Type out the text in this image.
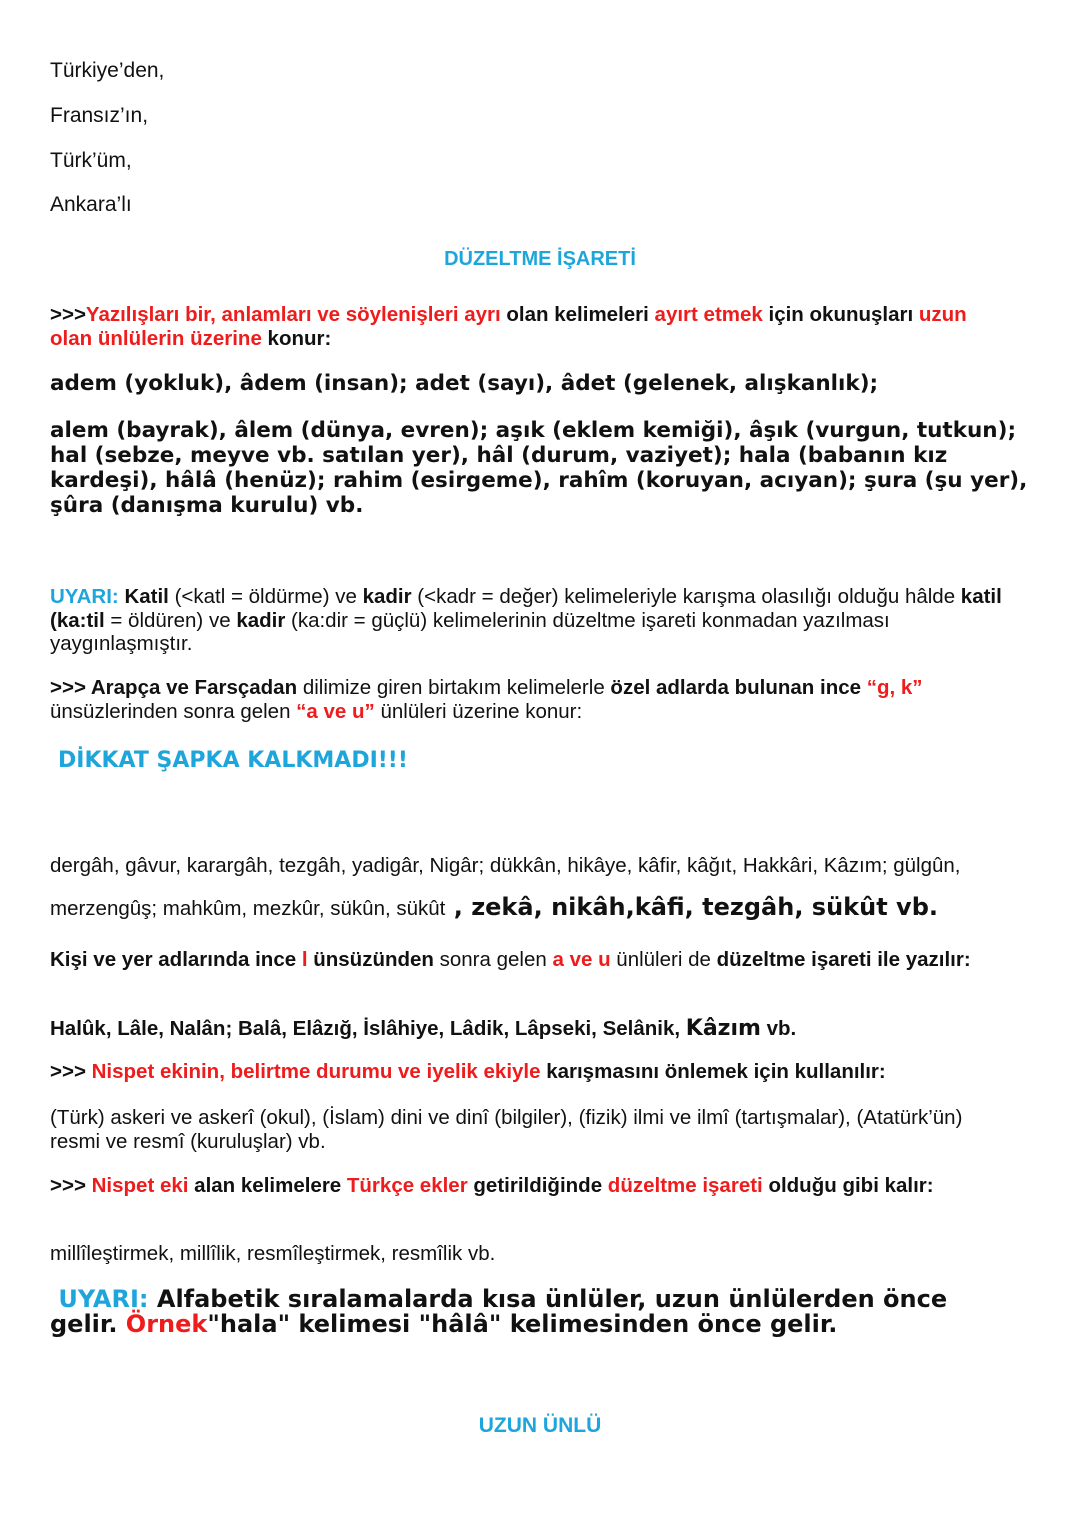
Türkiye’den,

Fransız’ın,

Türk’üm,

Ankara’lı

DÜZELTME İŞARETİ

>>>Yazılışları bir, anlamları ve söylenişleri ayrı olan kelimeleri ayırt etmek için okunuşları uzun olan ünlülerin üzerine konur:

adem (yokluk), âdem (insan); adet (sayı), âdet (gelenek, alışkanlık);

alem (bayrak), âlem (dünya, evren); aşık (eklem kemiği), âşık (vurgun, tutkun); hal (sebze, meyve vb. satılan yer), hâl (durum, vaziyet); hala (babanın kız kardeşi), hâlâ (henüz); rahim (esirgeme), rahîm (koruyan, acıyan); şura (şu yer), şûra (danışma kurulu) vb.

UYARI: Katil (<katl = öldürme) ve kadir (<kadr = değer) kelimeleriyle karışma olasılığı olduğu hâlde katil (ka:til = öldüren) ve kadir (ka:dir = güçlü) kelimelerinin düzeltme işareti konmadan yazılması yaygınlaşmıştır.

>>> Arapça ve Farsçadan dilimize giren birtakım kelimelerle özel adlarda bulunan ince “g, k” ünsüzlerinden sonra gelen “a ve u” ünlüleri üzerine konur:

DİKKAT ŞAPKA KALKMADI!!!

dergâh, gâvur, karargâh, tezgâh, yadigâr, Nigâr; dükkân, hikâye, kâfir, kâğıt, Hakkâri, Kâzım; gülgûn,

merzengûş; mahkûm, mezkûr, sükûn, sükût , zekâ, nikâh,kâfi, tezgâh, sükût vb.

Kişi ve yer adlarında ince l ünsüzünden sonra gelen a ve u ünlüleri de düzeltme işareti ile yazılır:

Halûk, Lâle, Nalân; Balâ, Elâzığ, İslâhiye, Lâdik, Lâpseki, Selânik, Kâzım vb.

>>> Nispet ekinin, belirtme durumu ve iyelik ekiyle karışmasını önlemek için kullanılır:

(Türk) askeri ve askerî (okul), (İslam) dini ve dinî (bilgiler), (fizik) ilmi ve ilmî (tartışmalar), (Atatürk’ün) resmi ve resmî (kuruluşlar) vb.

>>> Nispet eki alan kelimelere Türkçe ekler getirildiğinde düzeltme işareti olduğu gibi kalır:

millîleştirmek, millîlik, resmîleştirmek, resmîlik vb.

UYARI: Alfabetik sıralamalarda kısa ünlüler, uzun ünlülerden önce gelir. Örnek"hala" kelimesi "hâlâ" kelimesinden önce gelir.

UZUN ÜNLÜ
